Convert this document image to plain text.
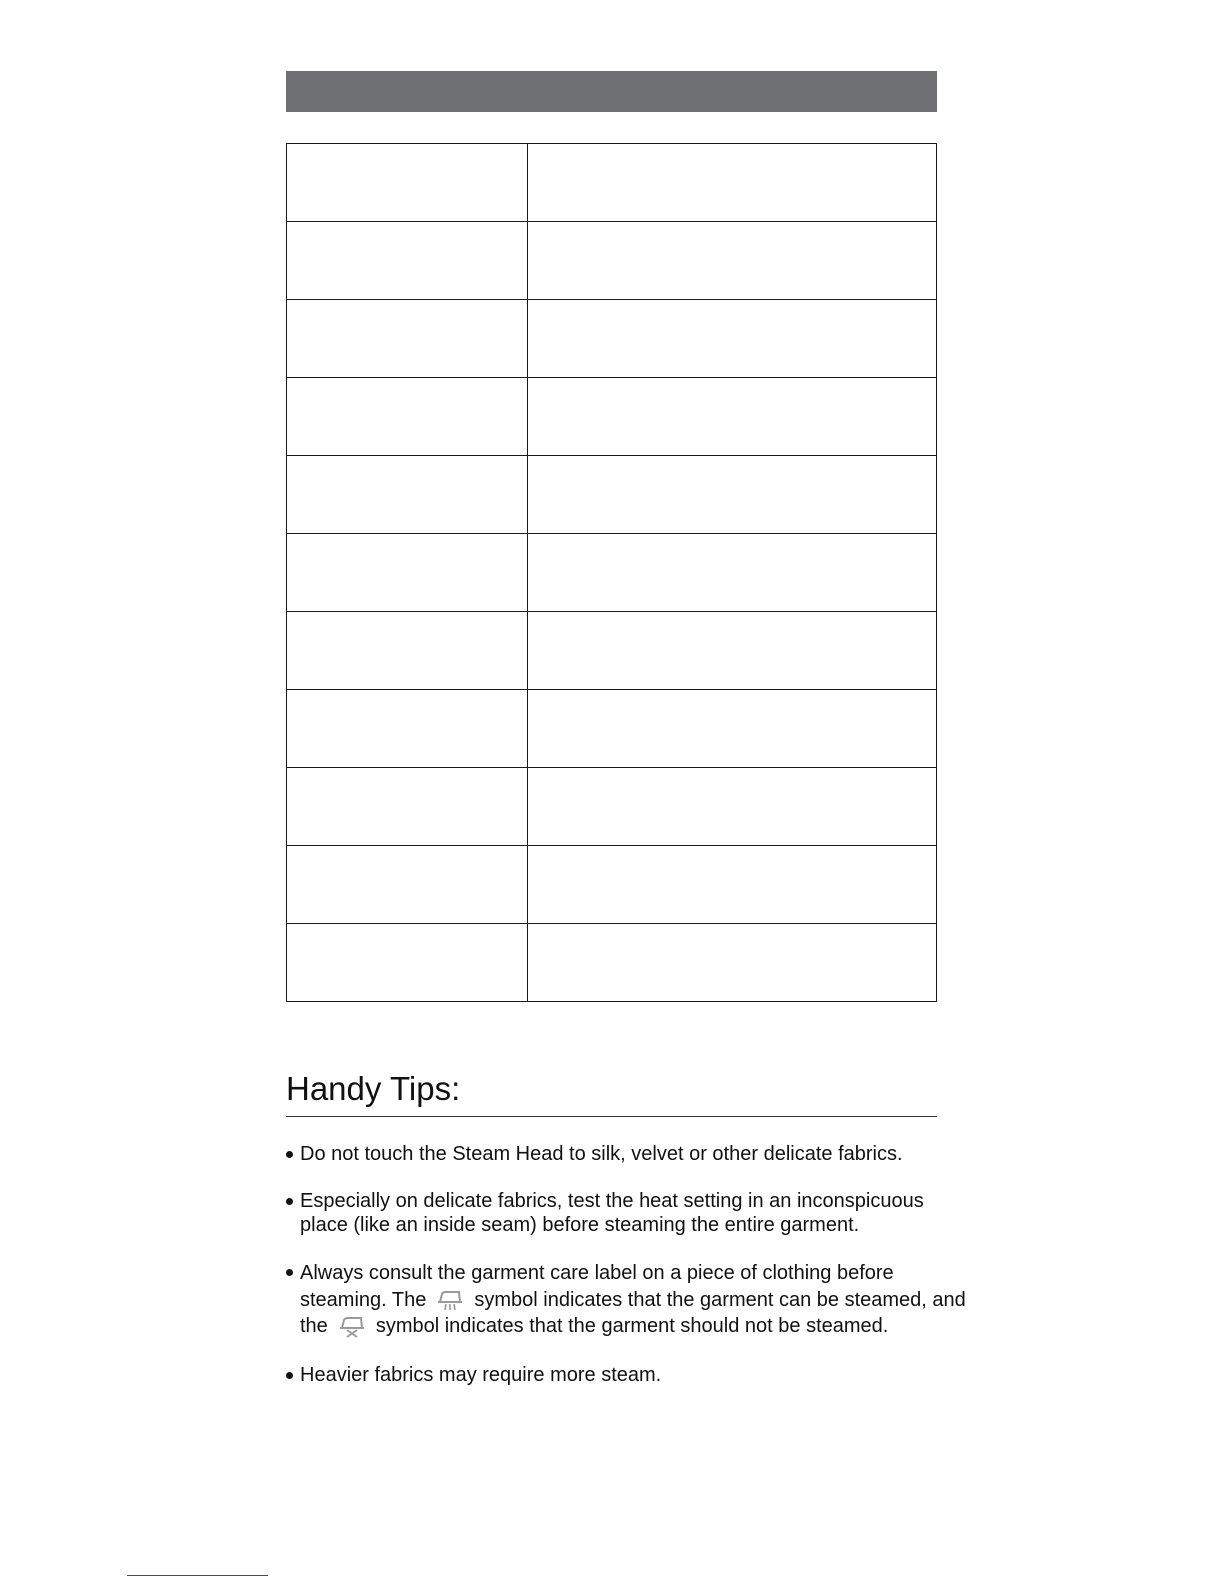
Handy Tips:
Do not touch the Steam Head to silk, velvet or other delicate fabrics.
Especially on delicate fabrics, test the heat setting in an inconspicuous place (like an inside seam) before steaming the entire garment.
Always consult the garment care label on a piece of clothing before steaming. The symbol indicates that the garment can be steamed, and the symbol indicates that the garment should not be steamed.
Heavier fabrics may require more steam.
